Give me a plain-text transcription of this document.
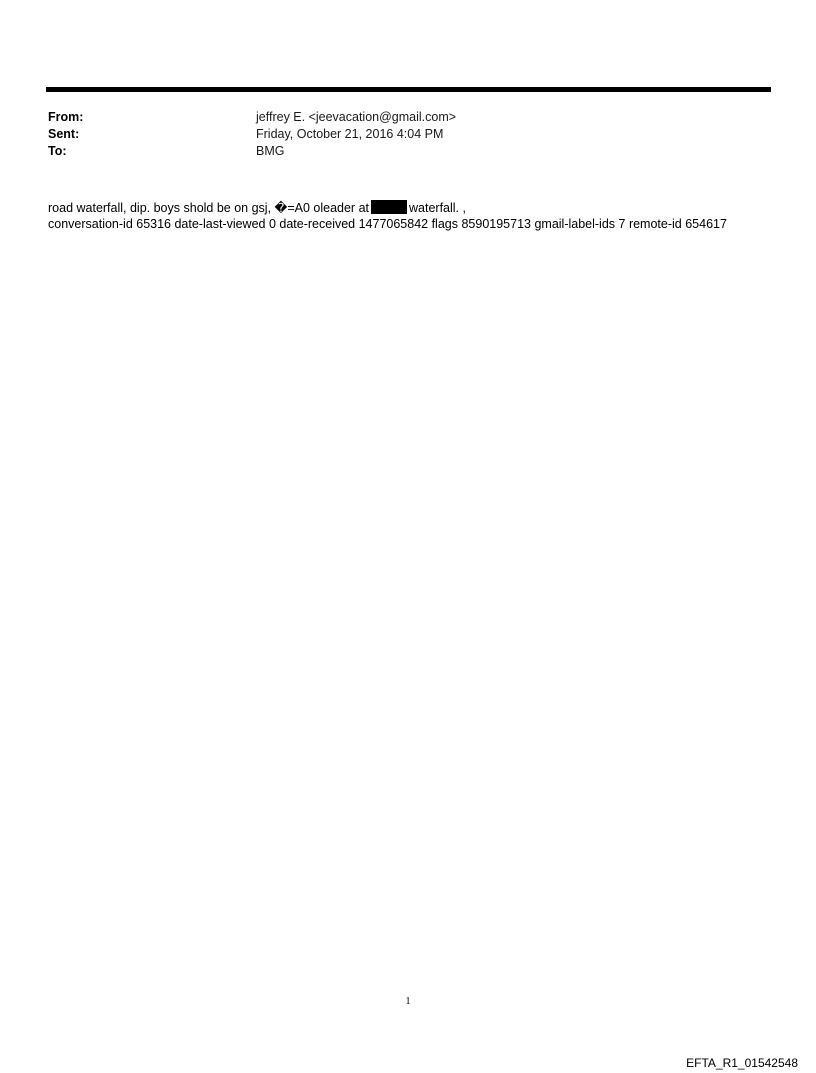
From:	jeffrey E. <jeevacation@gmail.com>
Sent:	Friday, October 21, 2016 4:04 PM
To:	BMG

road waterfall, dip. boys shold be on gsj, �=A0 oleader at	waterfall. ,

conversation-id 65316 date-last-viewed 0 date-received 1477065842 flags 8590195713 gmail-label-ids 7 remote-id 654617

1
EFTA_R1_01542548
